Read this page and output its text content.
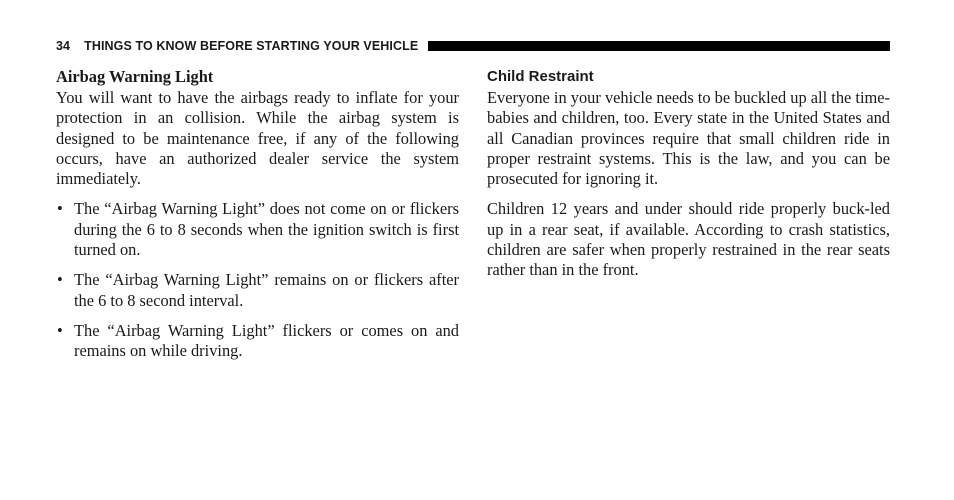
34 THINGS TO KNOW BEFORE STARTING YOUR VEHICLE
Airbag Warning Light

You will want to have the airbags ready to inflate for your protection in an collision. While the airbag system is designed to be maintenance free, if any of the following occurs, have an authorized dealer service the system immediately.

• The “Airbag Warning Light” does not come on or flickers during the 6 to 8 seconds when the ignition switch is first turned on.
• The “Airbag Warning Light” remains on or flickers after the 6 to 8 second interval.
• The “Airbag Warning Light” flickers or comes on and remains on while driving.
Child Restraint

Everyone in your vehicle needs to be buckled up all the time-babies and children, too. Every state in the United States and all Canadian provinces require that small children ride in proper restraint systems. This is the law, and you can be prosecuted for ignoring it.

Children 12 years and under should ride properly buck-led up in a rear seat, if available. According to crash statistics, children are safer when properly restrained in the rear seats rather than in the front.
